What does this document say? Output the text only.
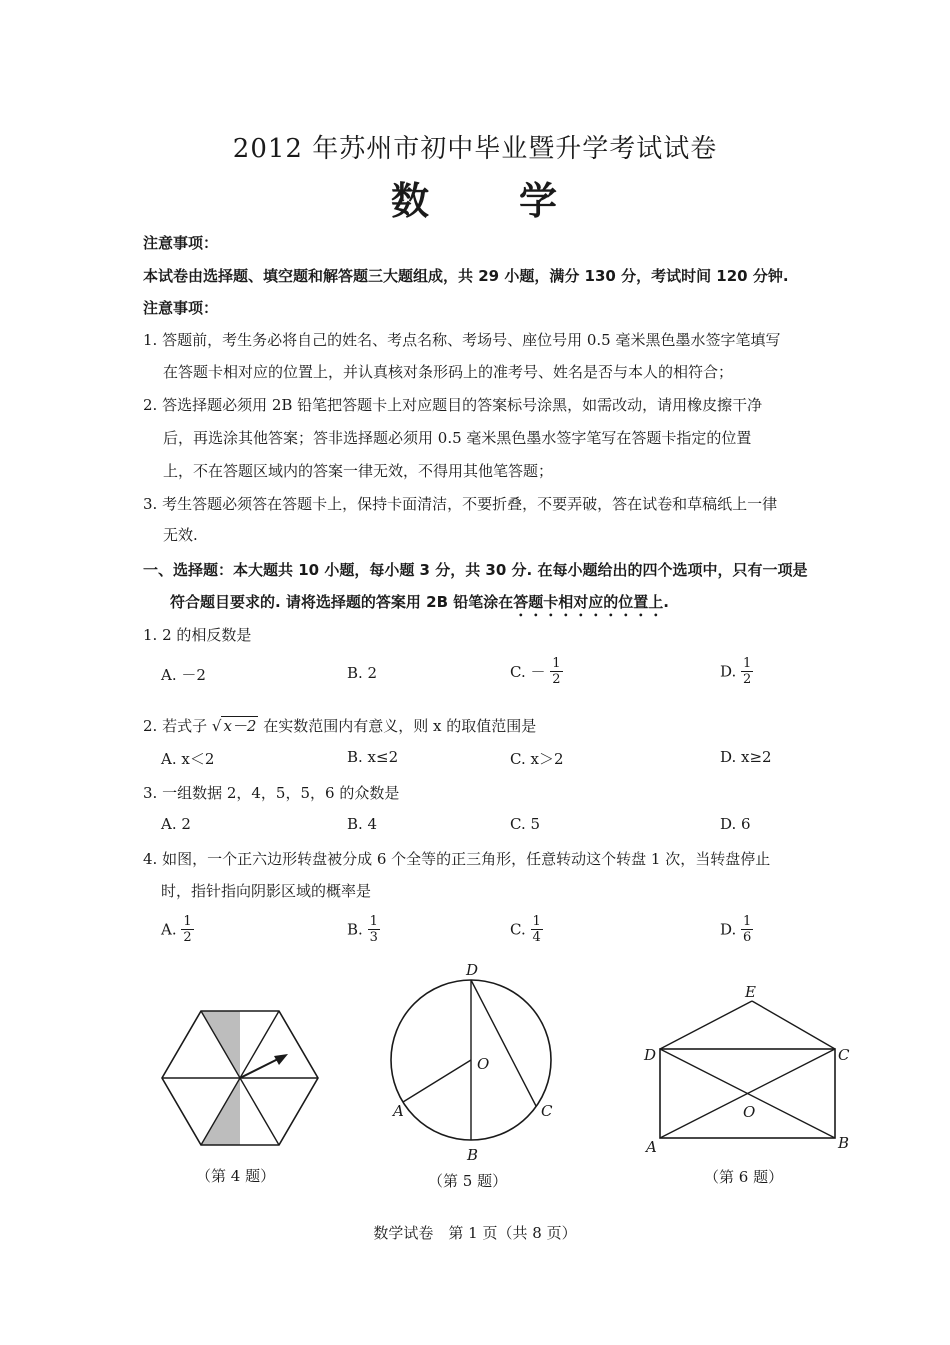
2012 年苏州市初中毕业暨升学考试试卷
数 学
注意事项：
本试卷由选择题、填空题和解答题三大题组成，共 29 小题，满分 130 分，考试时间 120 分钟.
注意事项：
1. 答题前，考生务必将自己的姓名、考点名称、考场号、座位号用 0.5 毫米黑色墨水签字笔填写
在答题卡相对应的位置上，并认真核对条形码上的准考号、姓名是否与本人的相符合；
2. 答选择题必须用 2B 铅笔把答题卡上对应题目的答案标号涂黑，如需改动，请用橡皮擦干净
后，再选涂其他答案；答非选择题必须用 0.5 毫米黑色墨水签字笔写在答题卡指定的位置
上，不在答题区域内的答案一律无效，不得用其他笔答题；
3. 考生答题必须答在答题卡上，保持卡面清洁，不要折叠，不要弄破，答在试卷和草稿纸上一律
无效.
一、选择题：本大题共 10 小题，每小题 3 分，共 30 分. 在每小题给出的四个选项中，只有一项是
符合题目要求的. 请将选择题的答案用 2B 铅笔涂在答题卡相对应的位置上.
1. 2 的相反数是
A. －2	B. 2	C. － $\frac{1}{2}$	D. $\frac{1}{2}$
2. 若式子 √ x－2 在实数范围内有意义，则 x 的取值范围是
A. x＜2	B. x≤2	C. x＞2	D. x≥2
3. 一组数据 2，4，5，5，6 的众数是
A. 2	B. 4	C. 5	D. 6
4. 如图，一个正六边形转盘被分成 6 个全等的正三角形，任意转动这个转盘 1 次，当转盘停止
时，指针指向阴影区域的概率是
A. $\frac{1}{2}$	B. $\frac{1}{3}$	C. $\frac{1}{4}$	D. $\frac{1}{6}$
（第 4 题）
D
O
A
B
C
（第 5 题）
E
D	C
O
A	B
（第 6 题）
数学试卷　第 1 页（共 8 页）
